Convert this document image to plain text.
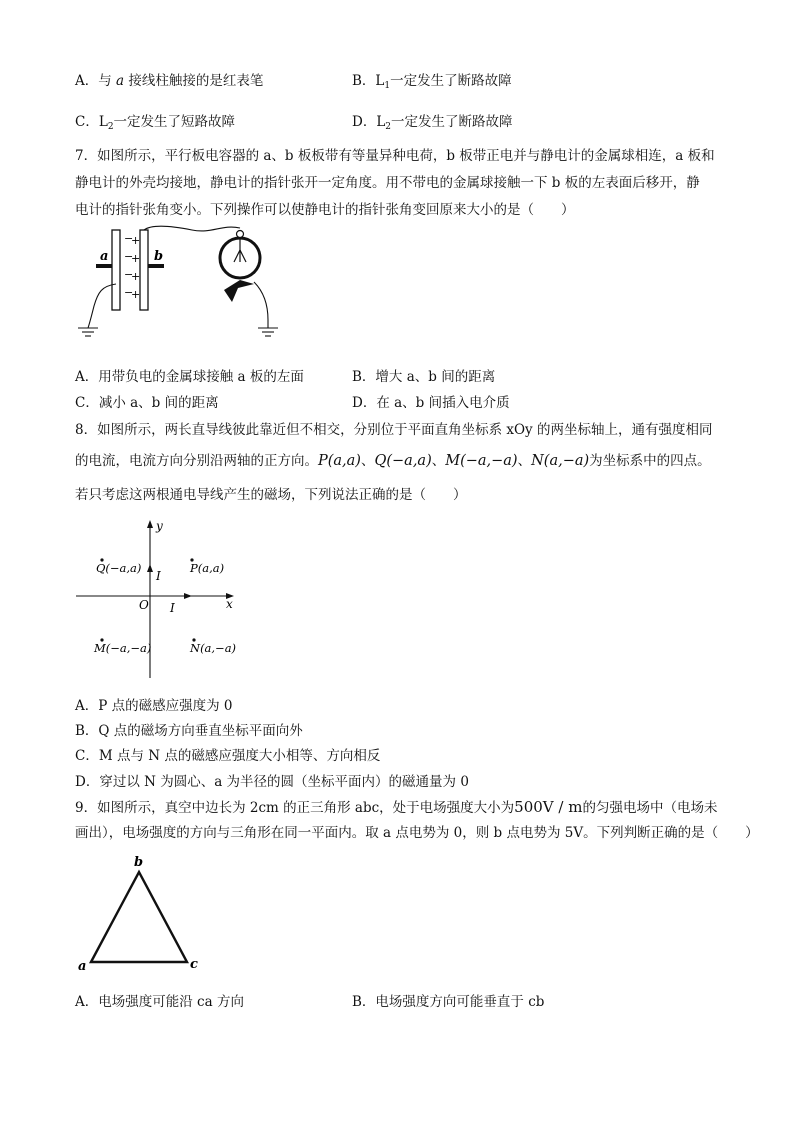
A．与 a 接线柱触接的是红表笔	B．$L_1$一定发生了断路故障
C．$L_2$一定发生了短路故障	D．$L_2$一定发生了断路故障
7．如图所示，平行板电容器的 a、b 板板带有等量异种电荷，b 板带正电并与静电计的金属球相连，a 板和
静电计的外壳均接地，静电计的指针张开一定角度。用不带电的金属球接触一下 b 板的左表面后移开，静
电计的指针张角变小。下列操作可以使静电计的指针张角变回原来大小的是（　　）
a	b
−
−
−
−
+
+
+
+
A．用带负电的金属球接触 a 板的左面	B．增大 a、b 间的距离
C．减小 a、b 间的距离	D．在 a、b 间插入电介质
8．如图所示，两长直导线彼此靠近但不相交，分别位于平面直角坐标系 xOy 的两坐标轴上，通有强度相同
的电流，电流方向分别沿两轴的正方向。P(a,a)、Q(−a,a)、M(−a,−a)、N(a,−a)为坐标系中的四点。
若只考虑这两根通电导线产生的磁场，下列说法正确的是（　　）
y
x
O
I
I
Q(−a,a)	P(a,a)
M(−a,−a)	N(a,−a)
A．P 点的磁感应强度为 0
B．Q 点的磁场方向垂直坐标平面向外
C．M 点与 N 点的磁感应强度大小相等、方向相反
D．穿过以 N 为圆心、a 为半径的圆（坐标平面内）的磁通量为 0
9．如图所示，真空中边长为 2cm 的正三角形 abc，处于电场强度大小为500V / m的匀强电场中（电场未
画出），电场强度的方向与三角形在同一平面内。取 a 点电势为 0，则 b 点电势为 5V。下列判断正确的是（　　）
b
a	c
A．电场强度可能沿 ca 方向	B．电场强度方向可能垂直于 cb
